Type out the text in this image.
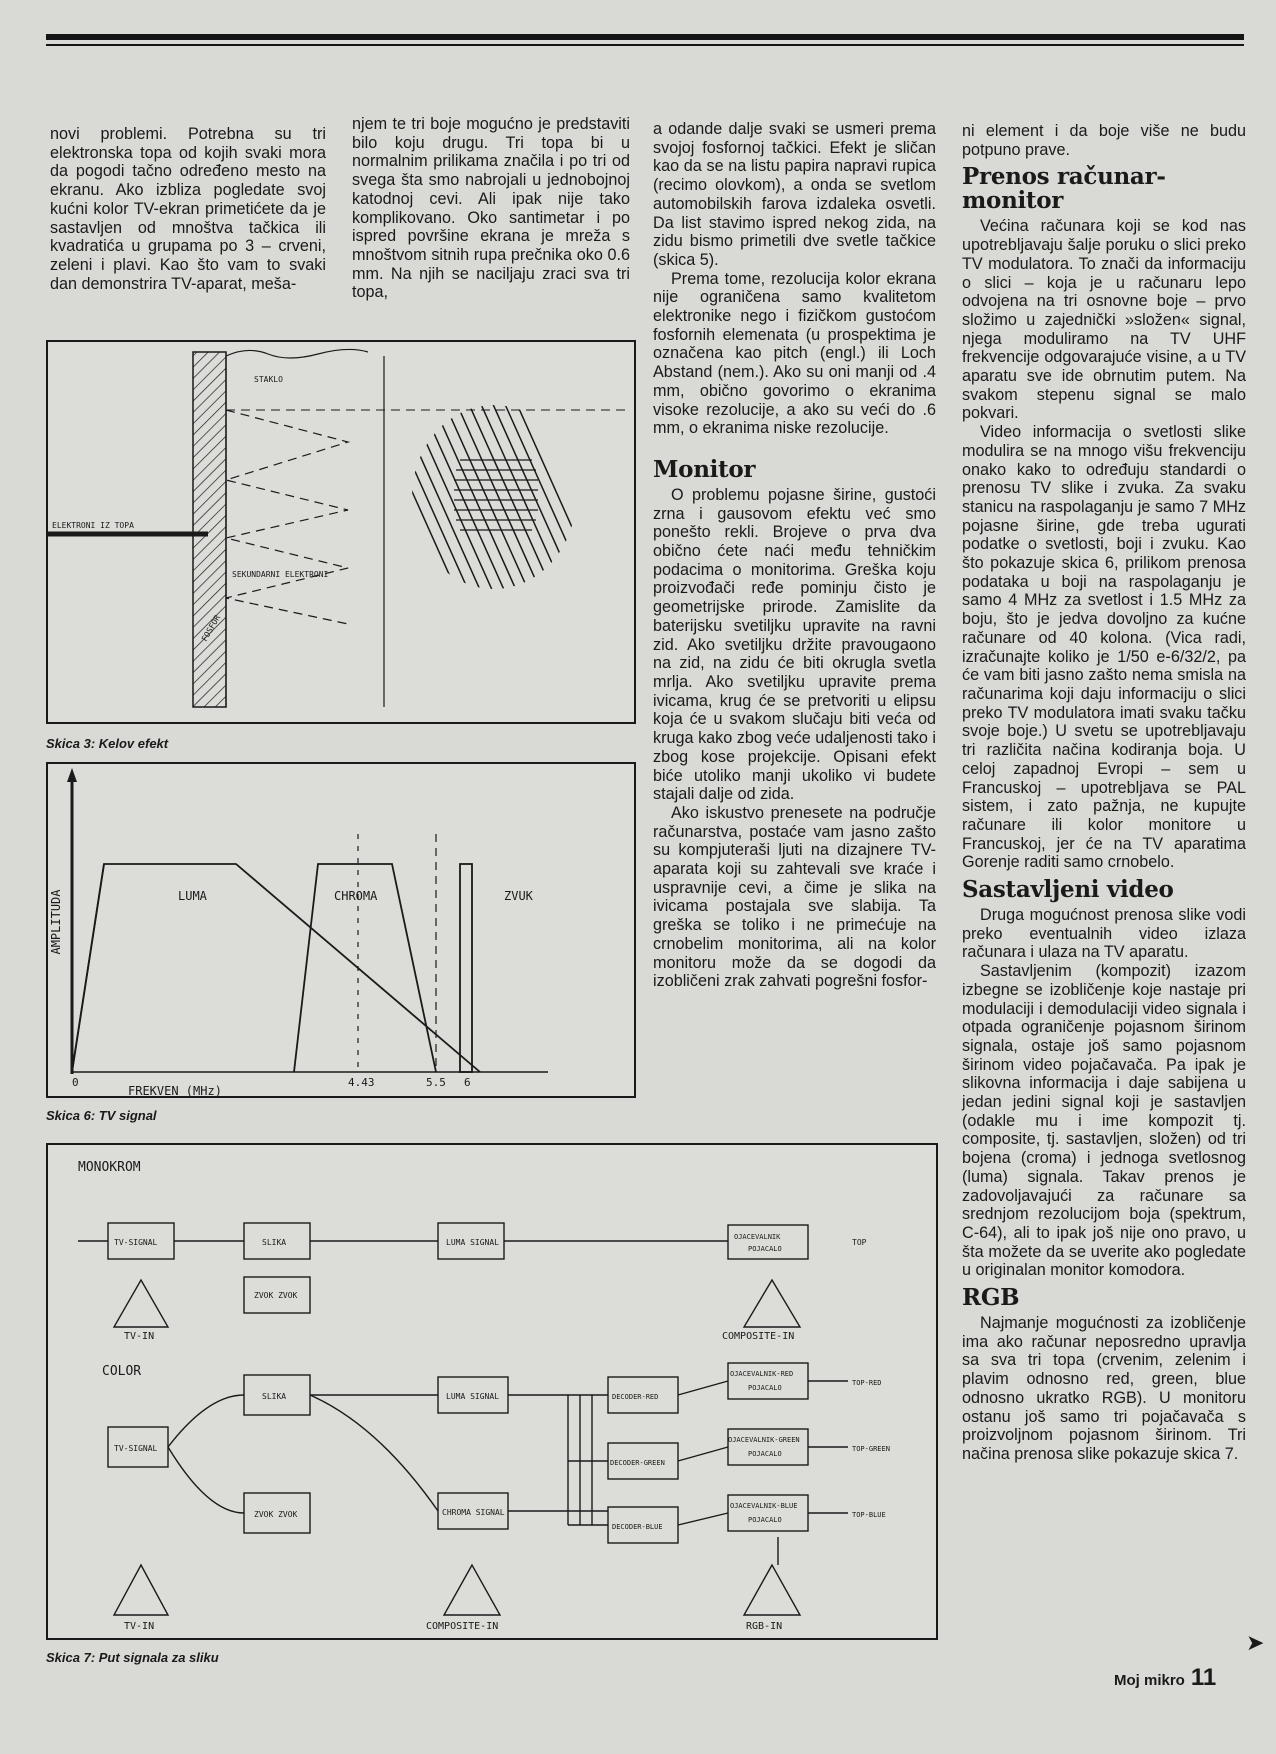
novi problemi. Potrebna su tri elektronska topa od kojih svaki mora da pogodi tačno određeno mesto na ekranu. Ako izbliza pogledate svoj kućni kolor TV-ekran primetićete da je sastavljen od mnoštva tačkica ili kvadratića u grupama po 3 – crveni, zeleni i plavi. Kao što vam to svaki dan demonstrira TV-aparat, meša-

njem te tri boje mogućno je predstaviti bilo koju drugu. Tri topa bi u normalnim prilikama značila i po tri od svega šta smo nabrojali u jednobojnoj katodnoj cevi. Ali ipak nije tako komplikovano. Oko santimetar i po ispred površine ekrana je mreža s mnoštvom sitnih rupa prečnika oko 0.6 mm. Na njih se naciljaju zraci sva tri topa,

a odande dalje svaki se usmeri prema svojoj fosfornoj tačkici. Efekt je sličan kao da se na listu papira napravi rupica (recimo olovkom), a onda se svetlom automobilskih farova izdaleka osvetli. Da list stavimo ispred nekog zida, na zidu bismo primetili dve svetle tačkice (skica 5).

Prema tome, rezolucija kolor ekrana nije ograničena samo kvalitetom elektronike nego i fizičkom gustoćom fosfornih elemenata (u prospektima je označena kao pitch (engl.) ili Loch Abstand (nem.). Ako su oni manji od .4 mm, obično govorimo o ekranima visoke rezolucije, a ako su veći do .6 mm, o ekranima niske rezolucije.

Monitor

O problemu pojasne širine, gustoći zrna i gausovom efektu već smo ponešto rekli. Brojeve o prva dva obično ćete naći među tehničkim podacima o monitorima. Greška koju proizvođači ređe pominju čisto je geometrijske prirode. Zamislite da baterijsku svetiljku upravite na ravni zid. Ako svetiljku držite pravougaono na zid, na zidu će biti okrugla svetla mrlja. Ako svetiljku upravite prema ivicama, krug će se pretvoriti u elipsu koja će u svakom slučaju biti veća od kruga kako zbog veće udaljenosti tako i zbog kose projekcije. Opisani efekt biće utoliko manji ukoliko vi budete stajali dalje od zida.

Ako iskustvo prenesete na područje računarstva, postaće vam jasno zašto su kompjuteraši ljuti na dizajnere TV-aparata koji su zahtevali sve kraće i uspravnije cevi, a čime je slika na ivicama postajala sve slabija. Ta greška se toliko i ne primećuje na crnobelim monitorima, ali na kolor monitoru može da se dogodi da izobličeni zrak zahvati pogrešni fosfor-

ni element i da boje više ne budu potpuno prave.

Prenos računar-monitor

Većina računara koji se kod nas upotrebljavaju šalje poruku o slici preko TV modulatora. To znači da informaciju o slici – koja je u računaru lepo odvojena na tri osnovne boje – prvo složimo u zajednički »složen« signal, njega moduliramo na TV UHF frekvencije odgovarajuće visine, a u TV aparatu sve ide obrnutim putem. Na svakom stepenu signal se malo pokvari.

Video informacija o svetlosti slike modulira se na mnogo višu frekvenciju onako kako to određuju standardi o prenosu TV slike i zvuka. Za svaku stanicu na raspolaganju je samo 7 MHz pojasne širine, gde treba ugurati podatke o svetlosti, boji i zvuku. Kao što pokazuje skica 6, prilikom prenosa podataka u boji na raspolaganju je samo 4 MHz za svetlost i 1.5 MHz za boju, što je jedva dovoljno za kućne računare od 40 kolona. (Vica radi, izračunajte koliko je 1/50 e-6/32/2, pa će vam biti jasno zašto nema smisla na računarima koji daju informaciju o slici preko TV modulatora imati svaku tačku svoje boje.) U svetu se upotrebljavaju tri različita načina kodiranja boja. U celoj zapadnoj Evropi – sem u Francuskoj – upotrebljava se PAL sistem, i zato pažnja, ne kupujte računare ili kolor monitore u Francuskoj, jer će na TV aparatima Gorenje raditi samo crnobelo.

Sastavljeni video

Druga mogućnost prenosa slike vodi preko eventualnih video izlaza računara i ulaza na TV aparatu.

Sastavljenim (kompozit) izazom izbegne se izobličenje koje nastaje pri modulaciji i demodulaciji video signala i otpada ograničenje pojasnom širinom signala, ostaje još samo pojasnom širinom video pojačavača. Pa ipak je slikovna informacija i daje sabijena u jedan jedini signal koji je sastavljen (odakle mu i ime kompozit tj. composite, tj. sastavljen, složen) od tri bojena (croma) i jednoga svetlosnog (luma) signala. Takav prenos je zadovoljavajući za računare sa srednjom rezolucijom boja (spektrum, C-64), ali to ipak još nije ono pravo, u šta možete da se uverite ako pogledate u originalan monitor komodora.

RGB

Najmanje mogućnosti za izobličenje ima ako računar neposredno upravlja sa sva tri topa (crvenim, zelenim i plavim odnosno red, green, blue odnosno ukratko RGB). U monitoru ostanu još samo tri pojačavača s proizvoljnom pojasnom širinom. Tri načina prenosa slike pokazuje skica 7.

STAKLO
ELEKTRONI IZ TOPA
SEKUNDARNI ELEKTRONI
FOSFOR
Skica 3: Kelov efekt
AMPLITUDA	LUMA	CHROMA	ZVUK
0	4.43	5.5 6
FREKVEN (MHz)
Skica 6: TV signal
MONOKROM
TV-SIGNAL	SLIKA	LUMA SIGNAL
OJACEVALNIK
POJACALO
TOP
ZVOK ZVOK
TV-IN	COMPOSITE-IN
COLOR
TV-SIGNAL
SLIKA
ZVOK ZVOK
LUMA SIGNAL
CHROMA SIGNAL
DECODER-RED
DECODER-GREEN
DECODER-BLUE
OJACEVALNIK-RED
POJACALO
OJACEVALNIK-GREEN
POJACALO
OJACEVALNIK-BLUE
POJACALO
TOP-RED
TOP-GREEN
TOP-BLUE
TV-IN	COMPOSITE-IN	RGB-IN
Skica 7: Put signala za sliku
➤
Moj mikro 11
